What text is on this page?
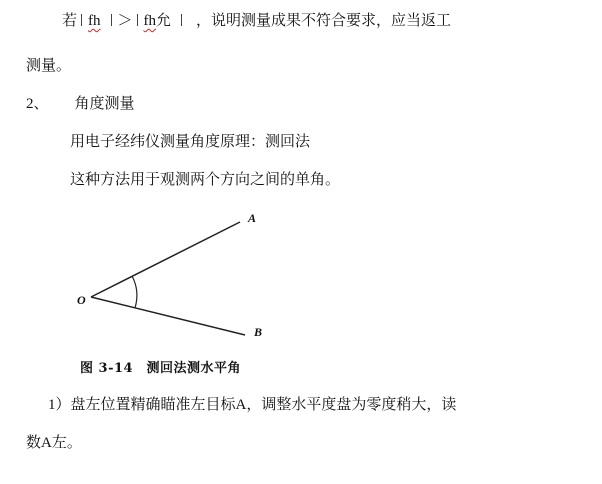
若 fh ＞ fh允 ，说明测量成果不符合要求，应当返工
测量。
2、 角度测量
用电子经纬仪测量角度原理：测回法
这种方法用于观测两个方向之间的单角。
A
O
B
图 3-14　测回法测水平角
1）盘左位置精确瞄准左目标A，调整水平度盘为零度稍大，读
数A左。
